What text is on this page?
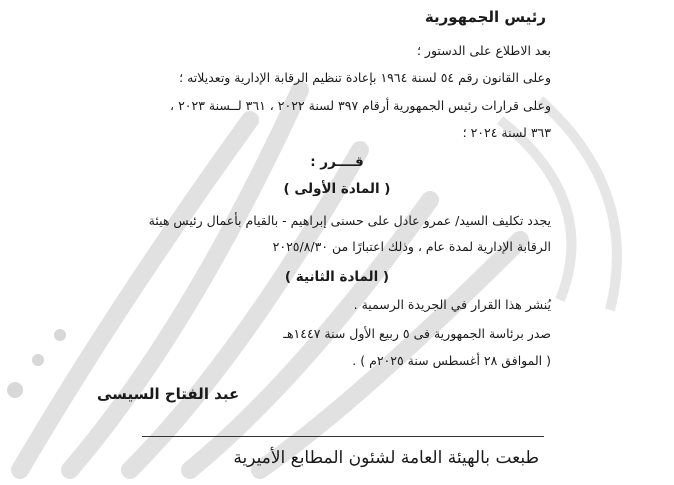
رئيس الجمهورية
بعد الاطلاع على الدستور ؛
وعلى القانون رقم ٥٤ لسنة ١٩٦٤ بإعادة تنظيم الرقابة الإدارية وتعديلاته ؛
وعلى قرارات رئيس الجمهورية أرقام ٣٩٧ لسنة ٢٠٢٢ ، ٣٦١ لــسنة ٢٠٢٣ ،
٣٦٣ لسنة ٢٠٢٤ ؛
قــــرر :
( المادة الأولى )
يجدد تكليف السيد/ عمرو عادل على حسنى إبراهيم - بالقيام بأعمال رئيس هيئة
الرقابة الإدارية لمدة عام ، وذلك اعتبارًا من ٢٠٢٥/٨/٣٠
( المادة الثانية )
يُنشر هذا القرار في الجريدة الرسمية .
صدر برئاسة الجمهورية فى ٥ ربيع الأول سنة ١٤٤٧هـ
( الموافق ٢٨ أغسطس سنة ٢٠٢٥م ) .
عبد الفتاح السيسى
طبعت بالهيئة العامة لشئون المطابع الأميرية
